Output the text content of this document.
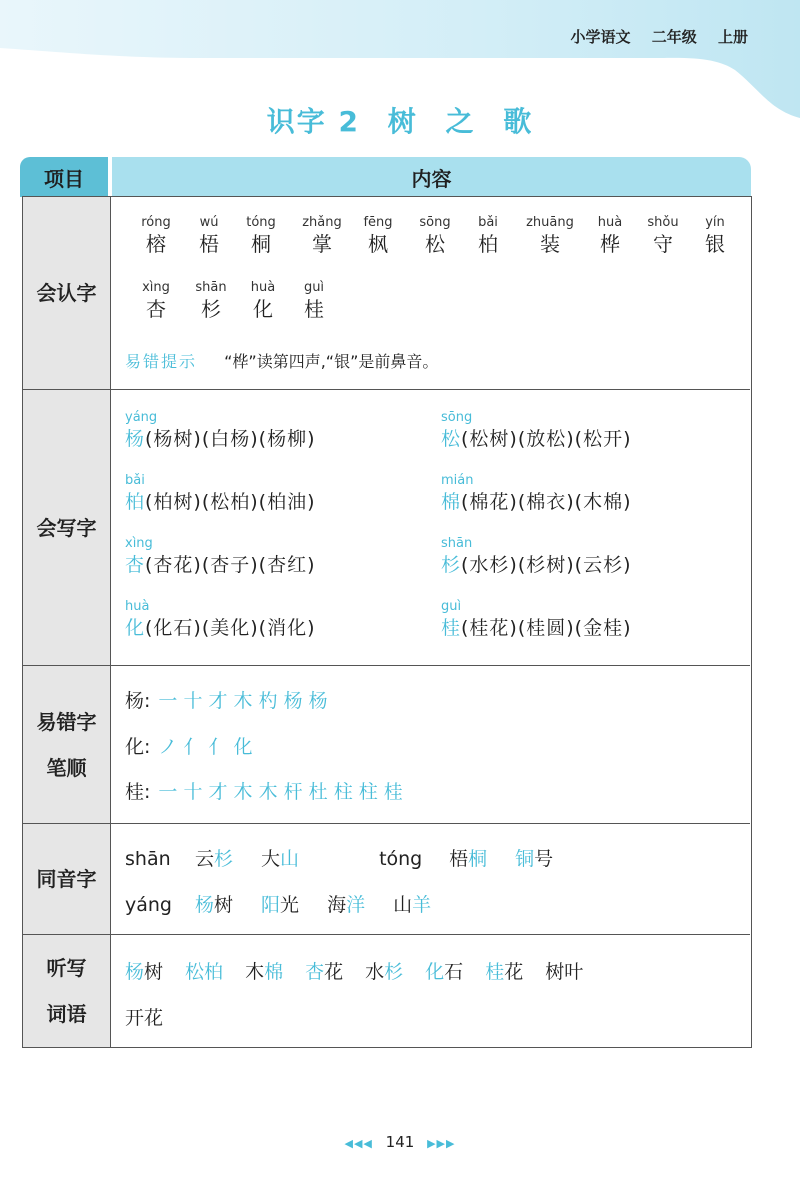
小学语文 二年级 上册
识字 2 树 之 歌
项目	内容
会认字
róng
榕
wú
梧
tóng
桐
zhǎng
掌
fēng
枫
sōng
松
bǎi
柏
zhuāng
装
huà
桦
shǒu
守
yín
银
xìng
杏
shān
杉
huà
化
guì
桂
易错提示 “桦”读第四声,“银”是前鼻音。
会写字
yáng
杨(杨树)(白杨)(杨柳)
sōng
松(松树)(放松)(松开)
bǎi
柏(柏树)(松柏)(柏油)
mián
棉(棉花)(棉衣)(木棉)
xìng
杏(杏花)(杏子)(杏红)
shān
杉(水杉)(杉树)(云杉)
huà
化(化石)(美化)(消化)
guì
桂(桂花)(桂圆)(金桂)
易错字
笔顺
杨: 一 十 才 木 杓 杨 杨
化: ノ 亻 亻 化
桂: 一 十 才 木 木 杆 杜 柱 柱 桂
同音字
shān 云杉 大山	tóng 梧桐 铜号
yáng 杨树 阳光 海洋 山羊
听写
词语
杨树 松柏 木棉 杏花 水杉 化石 桂花 树叶
开花
◀◀◀ 141 ▶▶▶
